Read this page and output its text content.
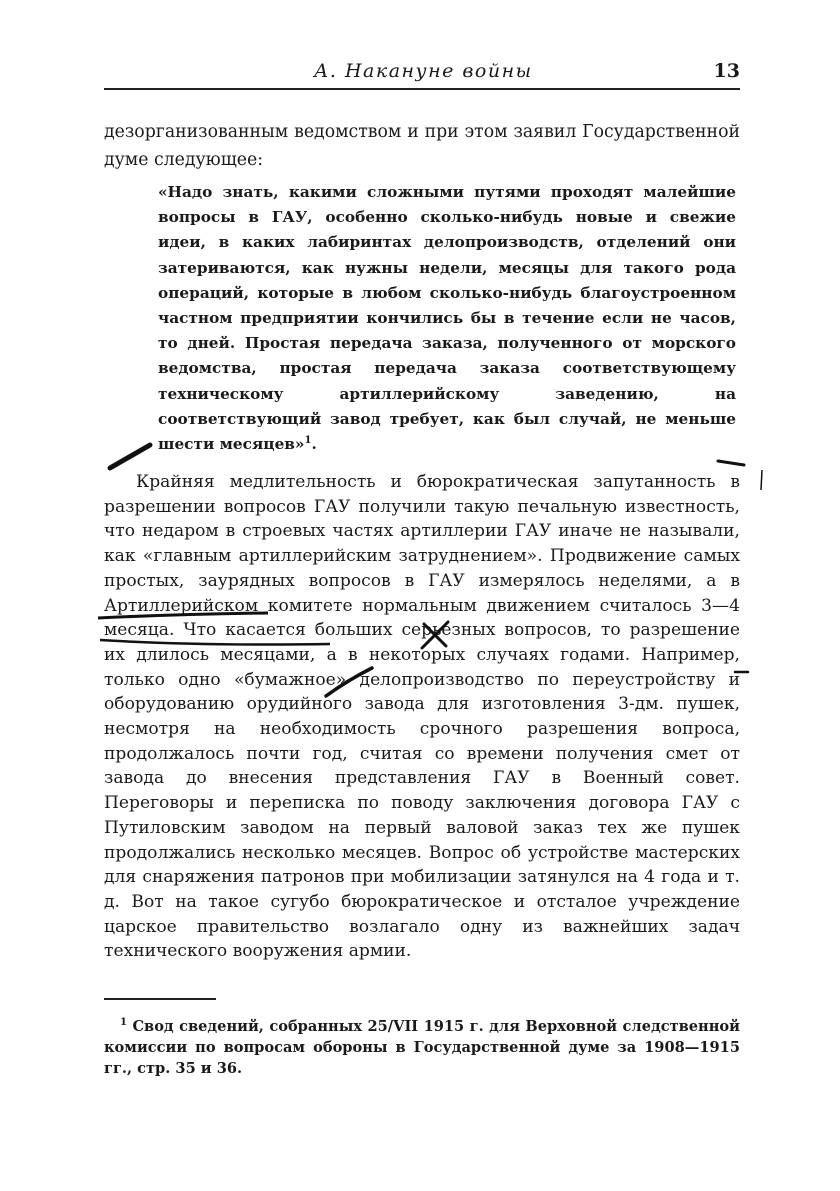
А. Накануне войны	13

дезорганизованным ведомством и при этом заявил Государственной думе следующее:

«Надо знать, какими сложными путями проходят малейшие вопросы в ГАУ, особенно сколько-нибудь новые и свежие идеи, в каких лабиринтах делопроизводств, отделений они затериваются, как нужны недели, месяцы для такого рода операций, которые в любом сколько-нибудь благоустроенном частном предприятии кончились бы в течение если не часов, то дней. Простая передача заказа, полученного от морского ведомства, простая передача заказа соответствующему техническому артиллерийскому заведению, на соответствующий завод требует, как был случай, не меньше шести месяцев»$^1$.

Крайняя медлительность и бюрократическая запутанность в разрешении вопросов ГАУ получили такую печальную известность, что недаром в строевых частях артиллерии ГАУ иначе не называли, как «главным артиллерийским затруднением». Продвижение самых простых, заурядных вопросов в ГАУ измерялось неделями, а в Артиллерийском комитете нормальным движением считалось 3—4 месяца. Что касается больших серьезных вопросов, то разрешение их длилось месяцами, а в некоторых случаях годами. Например, только одно «бумажное» делопроизводство по переустройству и оборудованию орудийного завода для изготовления 3-дм. пушек, несмотря на необходимость срочного разрешения вопроса, продолжалось почти год, считая со времени получения смет от завода до внесения представления ГАУ в Военный совет. Переговоры и переписка по поводу заключения договора ГАУ с Путиловским заводом на первый валовой заказ тех же пушек продолжались несколько месяцев. Вопрос об устройстве мастерских для снаряжения патронов при мобилизации затянулся на 4 года и т. д. Вот на такое сугубо бюрократическое и отсталое учреждение царское правительство возлагало одну из важнейших задач технического вооружения армии.

$^1$ Свод сведений, собранных 25/VII 1915 г. для Верховной следственной комиссии по вопросам обороны в Государственной думе за 1908—1915 гг., стр. 35 и 36.
